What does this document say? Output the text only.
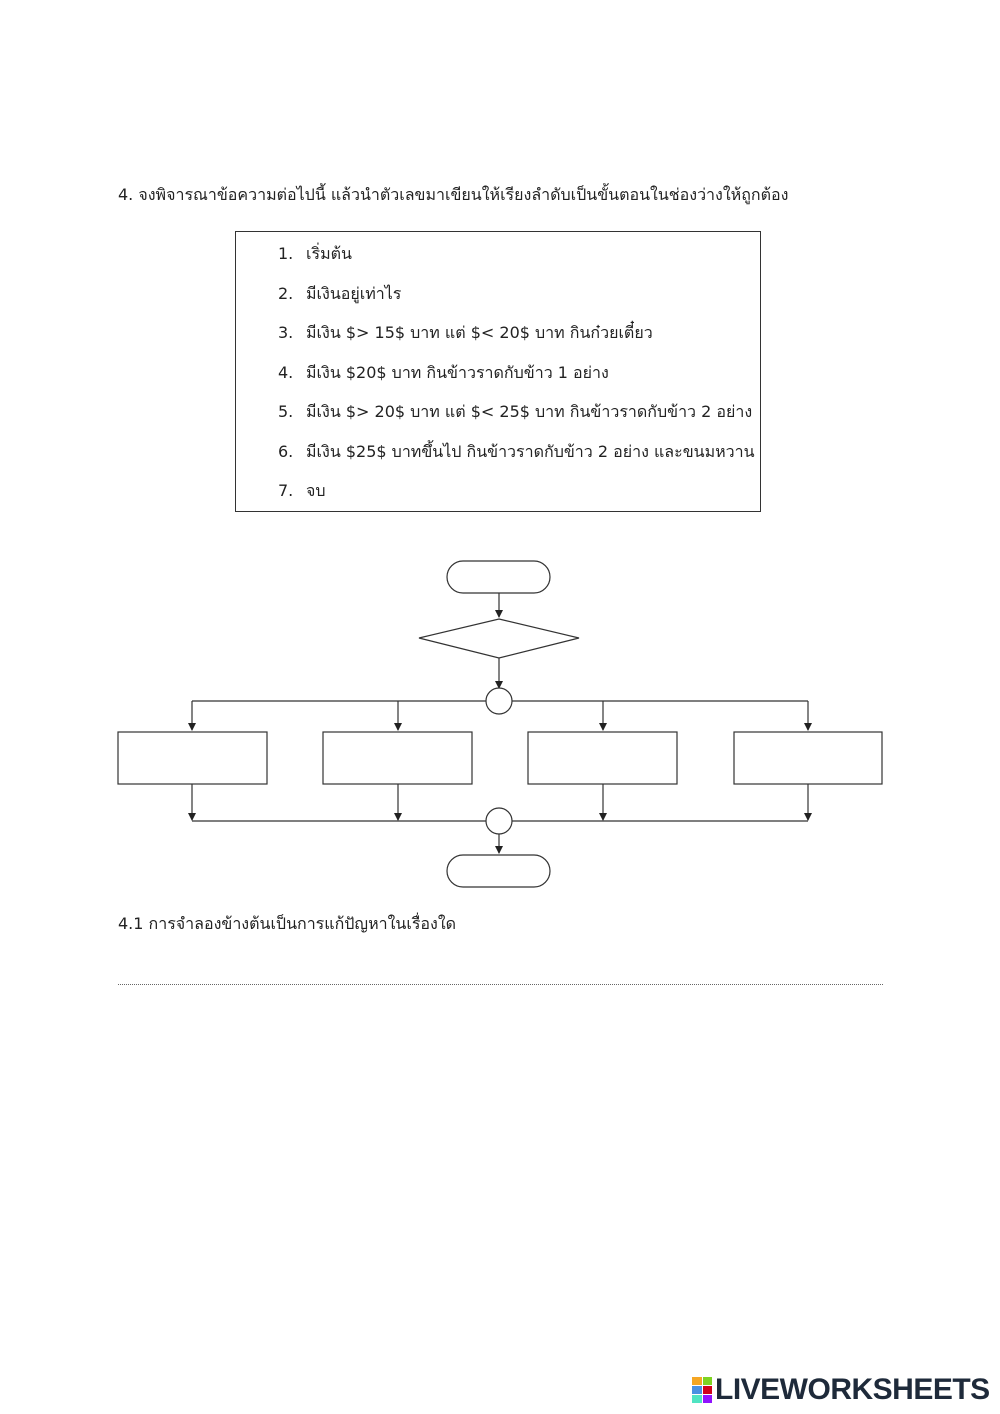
4. จงพิจารณาข้อความต่อไปนี้ แล้วนำตัวเลขมาเขียนให้เรียงลำดับเป็นขั้นตอนในช่องว่างให้ถูกต้อง
1. เริ่มต้น
2. มีเงินอยู่เท่าไร
3. มีเงิน $> 15$ บาท แต่ $< 20$ บาท กินก๋วยเตี๋ยว
4. มีเงิน $20$ บาท กินข้าวราดกับข้าว 1 อย่าง
5. มีเงิน $> 20$ บาท แต่ $< 25$ บาท กินข้าวราดกับข้าว 2 อย่าง
6. มีเงิน $25$ บาทขึ้นไป กินข้าวราดกับข้าว 2 อย่าง และขนมหวาน
7. จบ
4.1 การจำลองข้างต้นเป็นการแก้ปัญหาในเรื่องใด
LIVEWORKSHEETS
